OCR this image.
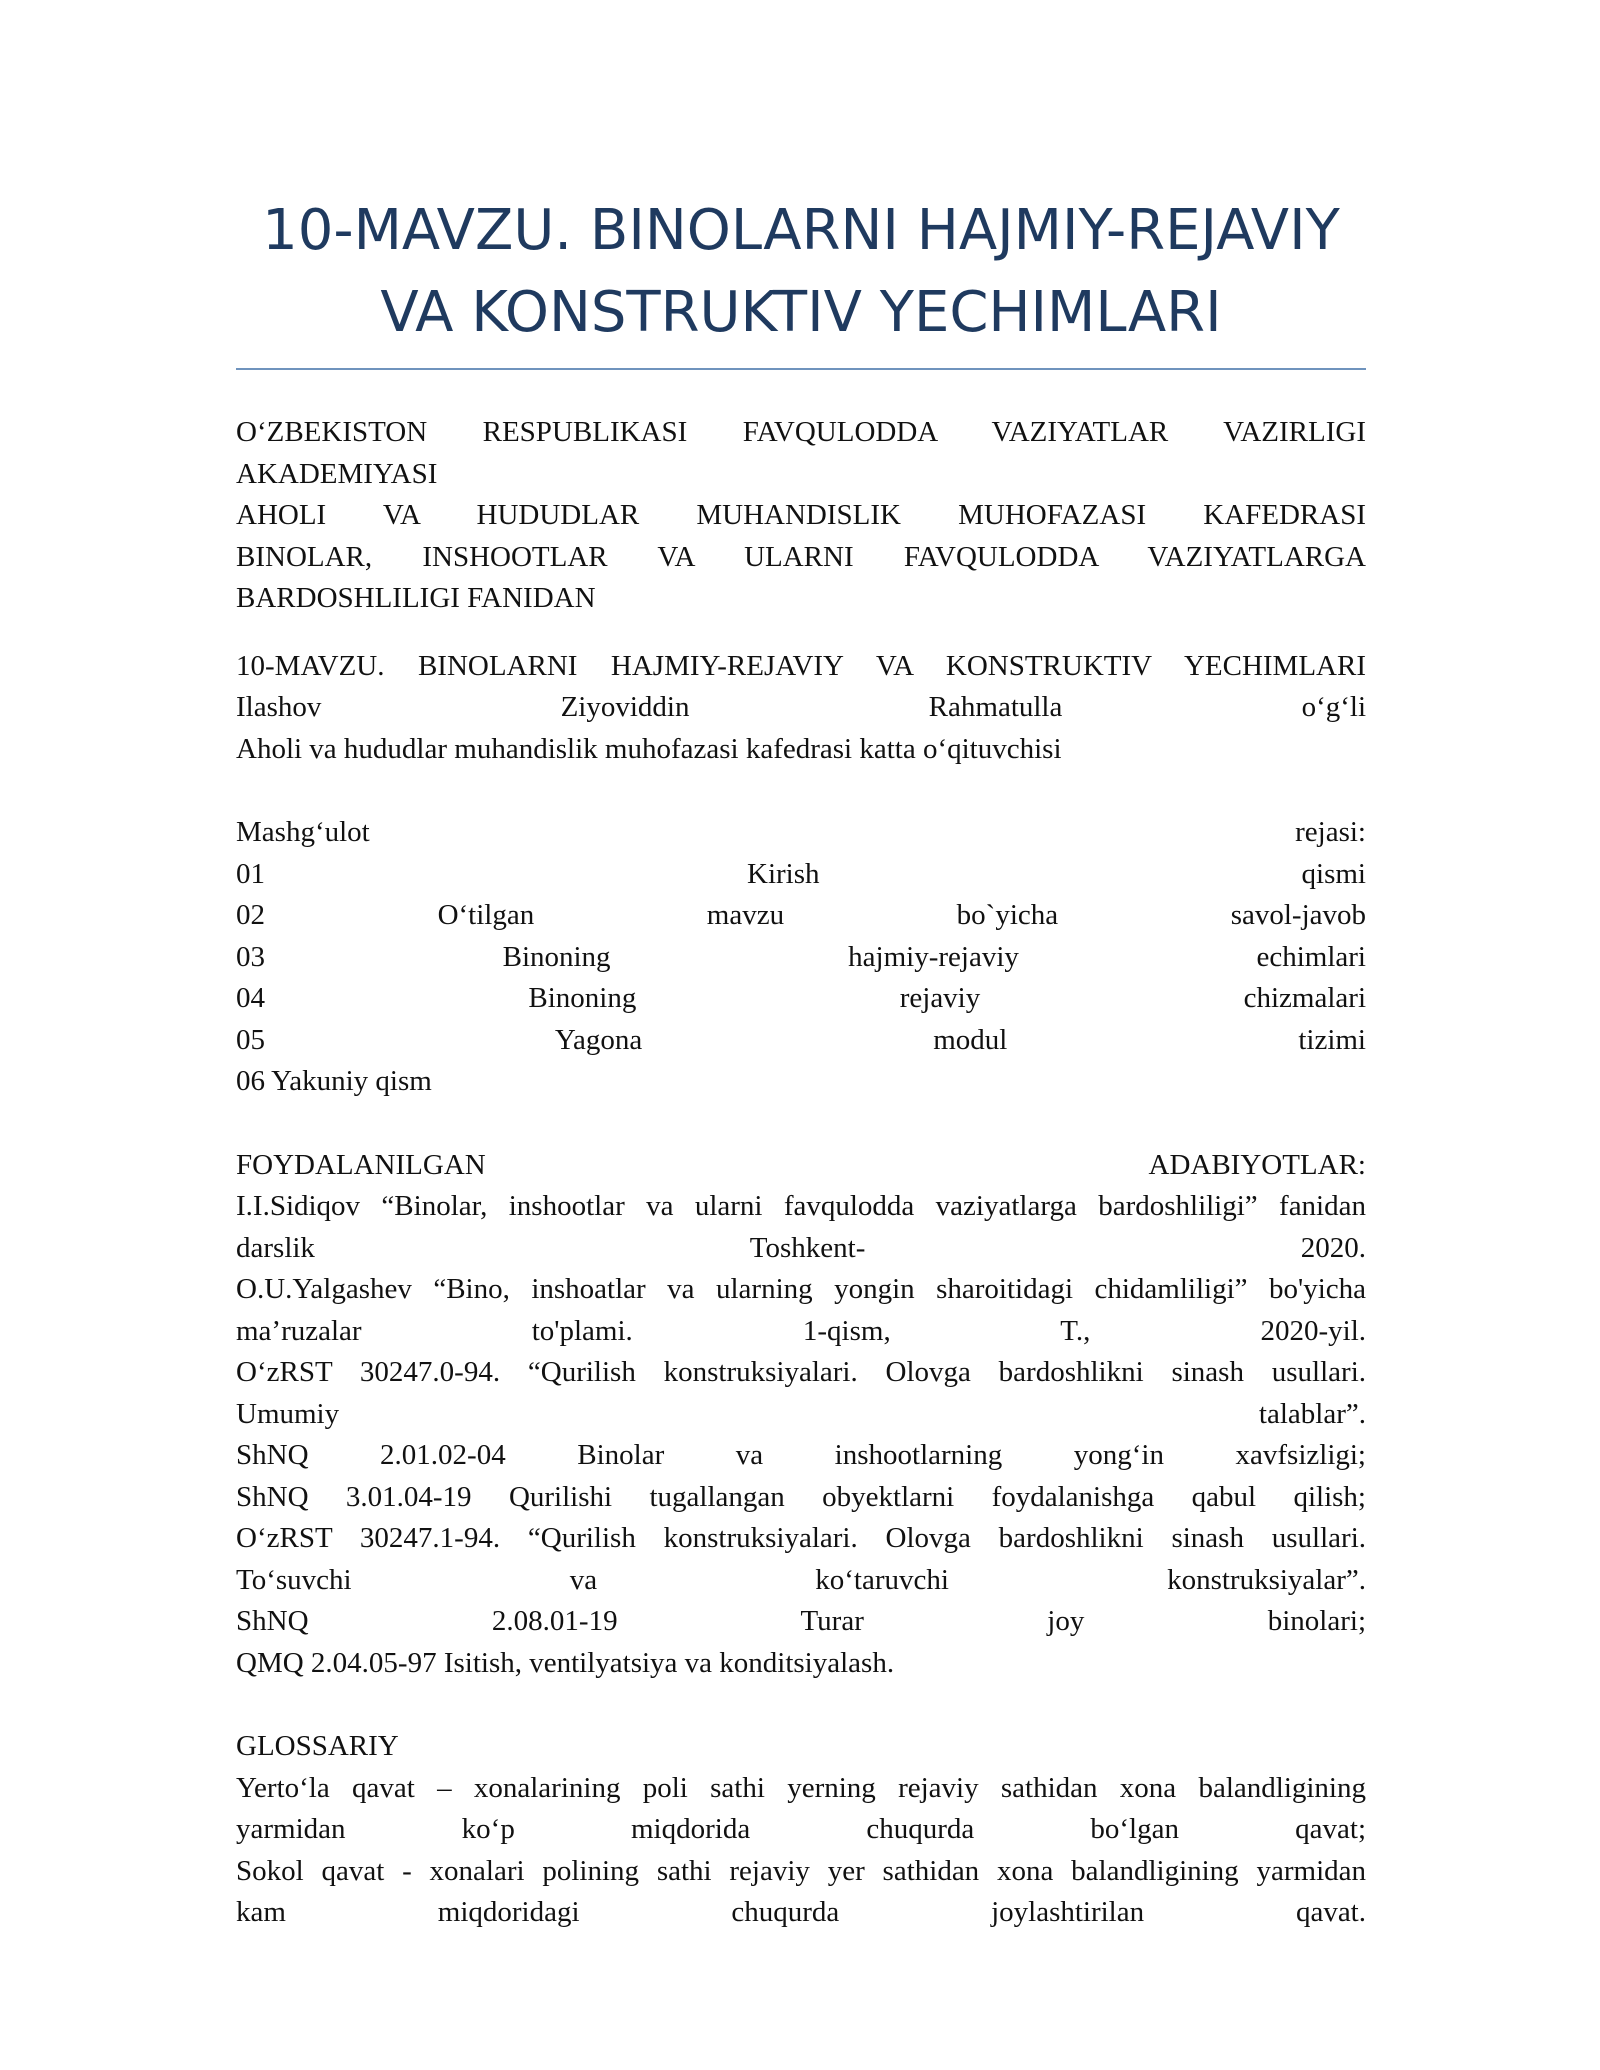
10-MAVZU. BINOLARNI HAJMIY-REJAVIY
VA KONSTRUKTIV YECHIMLARI
O‘ZBEKISTON RESPUBLIKASI FAVQULODDA VAZIYATLAR VAZIRLIGI AKADEMIYASI
AHOLI VA HUDUDLAR MUHANDISLIK MUHOFAZASI KAFEDRASI
BINOLAR, INSHOOTLAR VA ULARNI FAVQULODDA VAZIYATLARGA
BARDOSHLILIGI FANIDAN
10-MAVZU. BINOLARNI HAJMIY-REJAVIY VA KONSTRUKTIV YECHIMLARI
Ilashov Ziyoviddin Rahmatulla o‘g‘li
Aholi va hududlar muhandislik muhofazasi kafedrasi katta o‘qituvchisi
Mashg‘ulot rejasi:
01 Kirish qismi
02 O‘tilgan mavzu bo`yicha savol-javob
03 Binoning hajmiy-rejaviy echimlari
04 Binoning rejaviy chizmalari
05 Yagona modul tizimi
06 Yakuniy qism
FOYDALANILGAN ADABIYOTLAR:
I.I.Sidiqov “Binolar, inshootlar va ularni favqulodda vaziyatlarga bardoshliligi” fanidan
darslik Toshkent- 2020.
O.U.Yalgashev “Bino, inshoatlar va ularning yongin sharoitidagi chidamliligi” bo'yicha
ma’ruzalar to'plami. 1-qism, T., 2020-yil.
O‘zRST 30247.0-94. “Qurilish konstruksiyalari. Olovga bardoshlikni sinash usullari.
Umumiy talablar”.
ShNQ 2.01.02-04 Binolar va inshootlarning yong‘in xavfsizligi;
ShNQ 3.01.04-19 Qurilishi tugallangan obyektlarni foydalanishga qabul qilish;
O‘zRST 30247.1-94. “Qurilish konstruksiyalari. Olovga bardoshlikni sinash usullari.
To‘suvchi va ko‘taruvchi konstruksiyalar”.
ShNQ 2.08.01-19 Turar joy binolari;
QMQ 2.04.05-97 Isitish, ventilyatsiya va konditsiyalash.
GLOSSARIY
Yerto‘la qavat – xonalarining poli sathi yerning rejaviy sathidan xona balandligining
yarmidan ko‘p miqdorida chuqurda bo‘lgan qavat;
Sokol qavat - xonalari polining sathi rejaviy yer sathidan xona balandligining yarmidan
kam miqdoridagi chuqurda joylashtirilan qavat.
